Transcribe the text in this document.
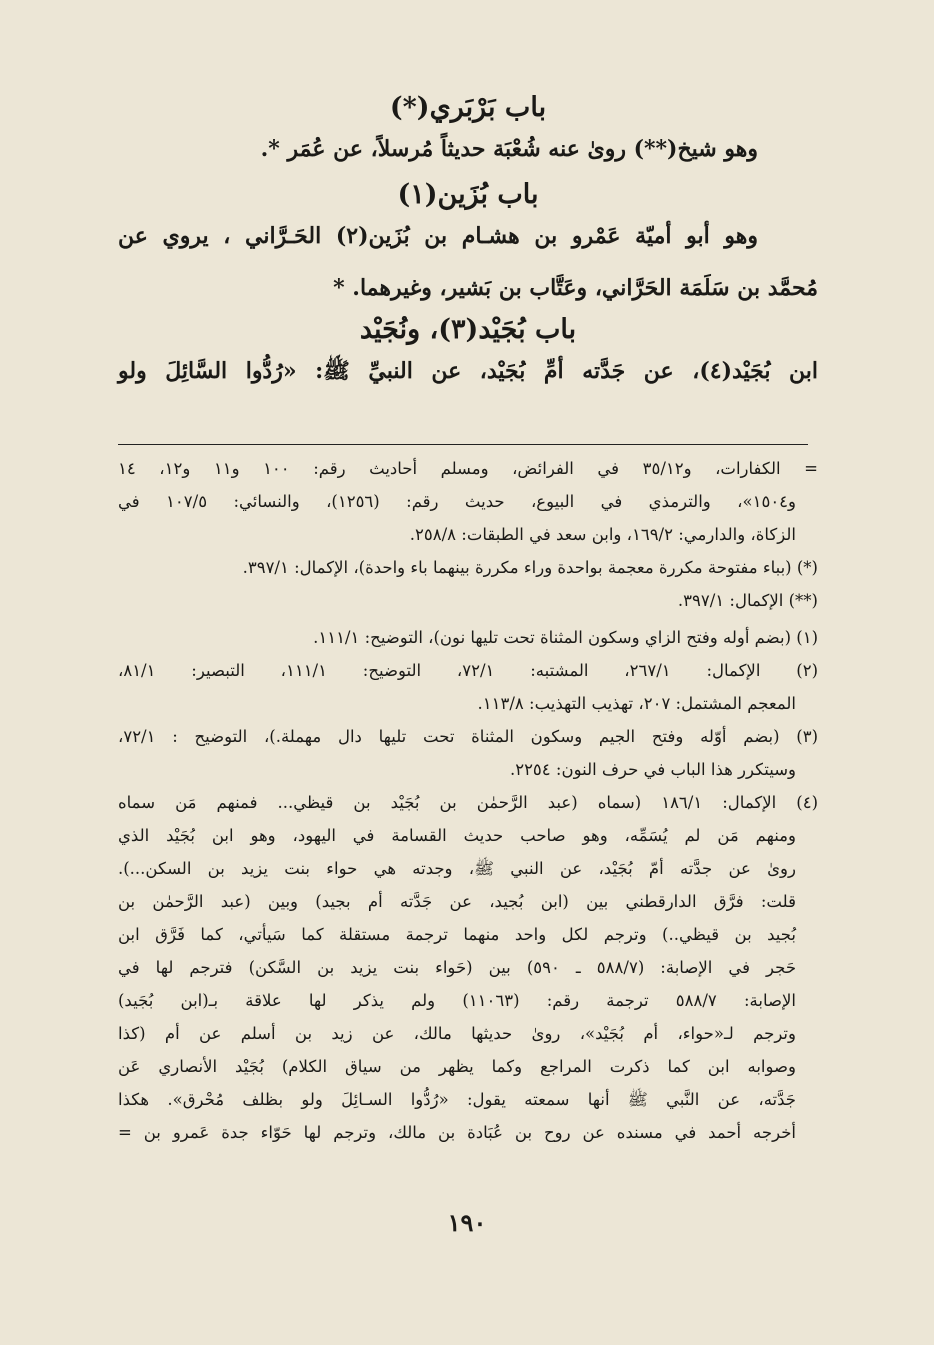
باب بَرْبَري(*)
وهو شيخ(**) روىٰ عنه شُعْبَة حديثاً مُرسلاً، عن عُمَر *.
باب بُزَين(١)
وهو أبو أميّة عَمْرو بن هشـام بن بُزَين(٢) الحَـرَّاني ، يروي عن
مُحمَّد بن سَلَمَة الحَرَّاني، وعَتَّاب بن بَشير، وغيرهما. *
باب بُجَيْد(٣)، ونُجَيْد
ابن بُجَيْد(٤)، عن جَدَّته أمِّ بُجَيْد، عن النبيِّ ﷺ: «رُدُّوا السَّائِلَ ولو
= الكفارات، و٣٥/١٢ في الفرائض، ومسلم أحاديث رقم: ١٠٠ و١١ و١٢، ١٤
و١٥٠٤»، والترمذي في البيوع، حديث رقم: (١٢٥٦)، والنسائي: ١٠٧/٥ في
الزكاة، والدارمي: ١٦٩/٢، وابن سعد في الطبقات: ٢٥٨/٨.
(*) (بباء مفتوحة مكررة معجمة بواحدة وراء مكررة بينهما باء واحدة)، الإكمال: ٣٩٧/١.
(**) الإكمال: ٣٩٧/١.
(١) (بضم أوله وفتح الزاي وسكون المثناة تحت تليها نون)، التوضيح: ١١١/١.
(٢) الإكمال: ٢٦٧/١، المشتبه: ٧٢/١، التوضيح: ١١١/١، التبصير: ٨١/١،
المعجم المشتمل: ٢٠٧، تهذيب التهذيب: ١١٣/٨.
(٣) (بضم أوّله وفتح الجيم وسكون المثناة تحت تليها دال مهملة.)، التوضيح : ٧٢/١،
وسيتكرر هذا الباب في حرف النون: ٢٢٥٤.
(٤) الإكمال: ١٨٦/١ (سماه (عبد الرَّحمٰن بن بُجَيْد بن قيظي... فمنهم مَن سماه
ومنهم مَن لم يُسَمِّه، وهو صاحب حديث القسامة في اليهود، وهو ابن بُجَيْد الذي
روىٰ عن جدَّته أمّ بُجَيْد، عن النبي ﷺ، وجدته هي حواء بنت يزيد بن السكن...).
قلت: فرَّق الدارقطني بين (ابن بُجيد، عن جَدَّته أم بجيد) وبين (عبد الرَّحمٰن بن
بُجيد بن قيظي..) وترجم لكل واحد منهما ترجمة مستقلة كما سَيأتي، كما فَرَّق ابن
حَجر في الإصابة: (٥٨٨/٧ ـ ٥٩٠) بين (حَواء بنت يزيد بن السَّكن) فترجم لها في
الإصابة: ٥٨٨/٧ ترجمة رقم: (١١٠٦٣) ولم يذكر لها علاقة بـ(ابن بُجَيد)
وترجم لـ«حواء، أم بُجَيْد»، روىٰ حديثها مالك، عن زيد بن أسلم عن أم (كذا
وصوابه ابن كما ذكرت المراجع وكما يظهر من سياق الكلام) بُجَيْد الأنصاري عَن
جَدَّته، عن النَّبي ﷺ أنها سمعته يقول: «رُدُّوا السـائِلَ ولو بظلف مُحْرق». هكذا
أخرجه أحمد في مسنده عن روح بن عُبَادة بن مالك، وترجم لها حَوّاء جدة عَمرو بن =
١٩٠
